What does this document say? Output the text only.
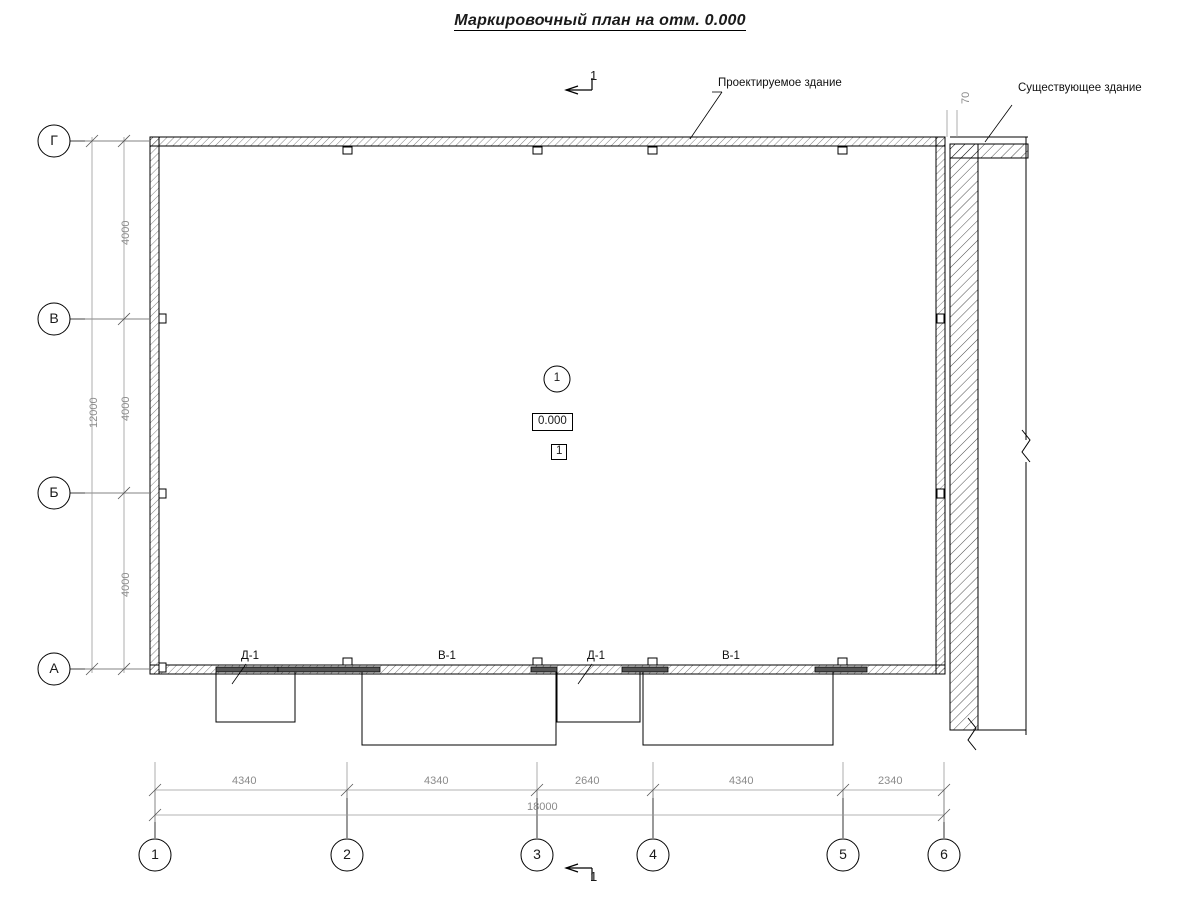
Маркировочный план на отм. 0.000
Г
В
Б
А
1	2	3	4	5	6
4000
4000
4000
12000
4340	4340	2640	4340	2340
18000
Проектируемое здание	Существующее здание
70
Д-1	В-1	Д-1	В-1
1
0.000
1
1
1
